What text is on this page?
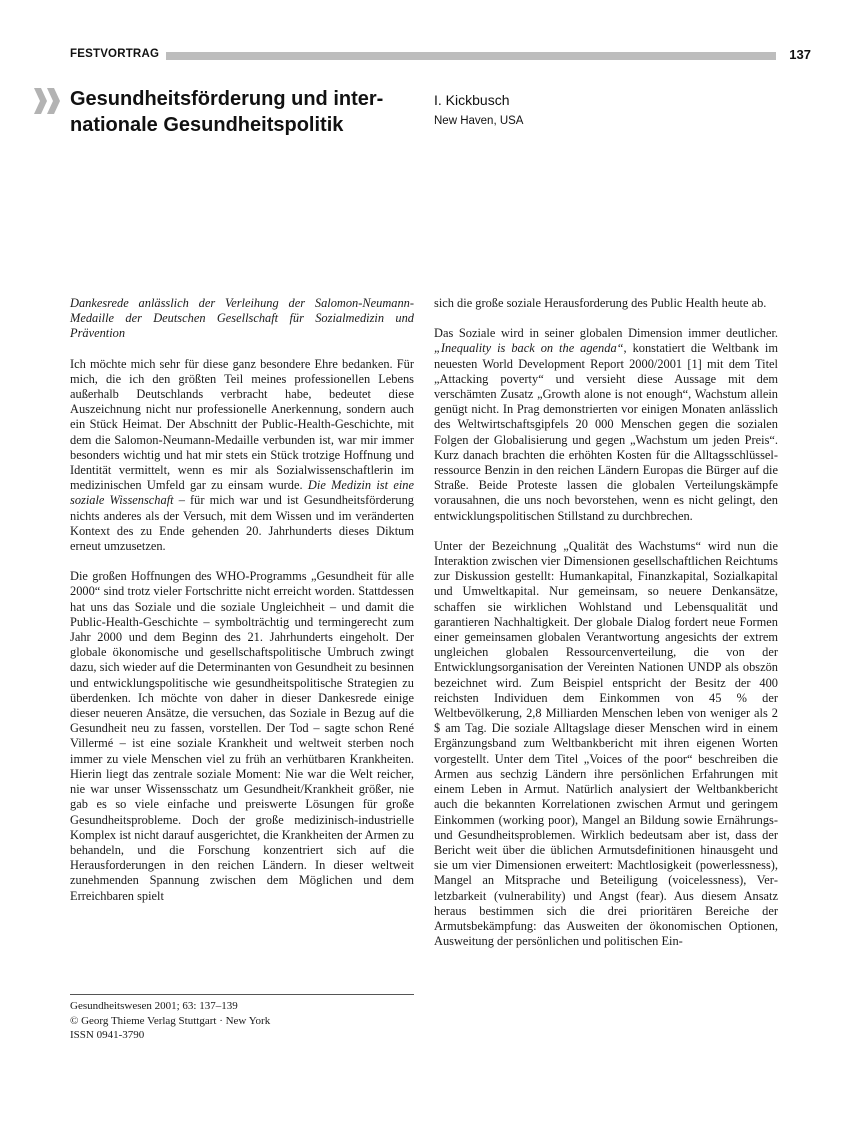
FESTVORTRAG	137
Gesundheitsförderung und inter-
nationale Gesundheitspolitik
I. Kickbusch
New Haven, USA

Dankesrede anlässlich der Verleihung der Salomon-Neumann-Medaille der Deutschen Gesellschaft für Sozialmedizin und Prävention

Ich möchte mich sehr für diese ganz besondere Ehre bedanken. Für mich, die ich den größten Teil meines professionellen Lebens außerhalb Deutschlands verbracht habe, bedeutet diese Auszeichnung nicht nur professionelle Anerkennung, sondern auch ein Stück Heimat. Der Abschnitt der Public-Health-Geschichte, mit dem die Salomon-Neumann-Medaille verbunden ist, war mir immer besonders wichtig und hat mir stets ein Stück trotzige Hoffnung und Identität vermittelt, wenn es mir als Sozialwissenschaftlerin im medizinischen Umfeld gar zu einsam wurde. Die Medizin ist eine soziale Wissenschaft – für mich war und ist Gesundheitsförderung nichts anderes als der Versuch, mit dem Wissen und im veränderten Kontext des zu Ende gehenden 20. Jahrhunderts dieses Diktum erneut umzusetzen.

Die großen Hoffnungen des WHO-Programms „Gesundheit für alle 2000“ sind trotz vieler Fortschritte nicht erreicht worden. Stattdessen hat uns das Soziale und die soziale Ungleichheit – und damit die Public-Health-Geschichte – symbolträchtig und termingerecht zum Jahr 2000 und dem Beginn des 21. Jahrhunderts eingeholt. Der globale ökonomische und gesellschaftspolitische Umbruch zwingt dazu, sich wieder auf die Determinanten von Gesundheit zu besinnen und entwicklungspolitische wie gesundheitspolitische Strategien zu überdenken. Ich möchte von daher in dieser Dankesrede einige dieser neueren Ansätze, die versuchen, das Soziale in Bezug auf die Gesundheit neu zu fassen, vorstellen. Der Tod – sagte schon René Villermé – ist eine soziale Krankheit und weltweit sterben noch immer zu viele Menschen viel zu früh an verhütbaren Krankheiten. Hierin liegt das zentrale soziale Moment: Nie war die Welt reicher, nie war unser Wissensschatz um Gesundheit/Krankheit größer, nie gab es so viele einfache und preiswerte Lösungen für große Gesundheitsprobleme. Doch der große medizinisch-industrielle Komplex ist nicht darauf ausgerichtet, die Krankheiten der Armen zu behandeln, und die Forschung konzentriert sich auf die Herausforderungen in den reichen Ländern. In dieser weltweit zunehmenden Spannung zwischen dem Möglichen und dem Erreichbaren spielt

sich die große soziale Herausforderung des Public Health heute ab.

Das Soziale wird in seiner globalen Dimension immer deutlicher. „Inequality is back on the agenda“, konstatiert die Weltbank im neuesten World Development Report 2000/2001 [1] mit dem Titel „Attacking poverty“ und versieht diese Aussage mit dem verschämten Zusatz „Growth alone is not enough“, Wachstum allein genügt nicht. In Prag demonstrierten vor einigen Monaten anlässlich des Weltwirtschaftsgipfels 20 000 Menschen gegen die sozialen Folgen der Globalisierung und gegen „Wachstum um jeden Preis“. Kurz danach brachten die erhöhten Kosten für die Alltagsschlüsselressource Benzin in den reichen Ländern Europas die Bürger auf die Straße. Beide Proteste lassen die globalen Verteilungskämpfe vorausahnen, die uns noch bevorstehen, wenn es nicht gelingt, den entwicklungspolitischen Stillstand zu durchbrechen.

Unter der Bezeichnung „Qualität des Wachstums“ wird nun die Interaktion zwischen vier Dimensionen gesellschaftlichen Reichtums zur Diskussion gestellt: Humankapital, Finanzkapital, Sozialkapital und Umweltkapital. Nur gemeinsam, so neuere Denkansätze, schaffen sie wirklichen Wohlstand und Lebensqualität und garantieren Nachhaltigkeit. Der globale Dialog fordert neue Formen einer gemeinsamen globalen Verantwortung angesichts der extrem ungleichen globalen Ressourcenverteilung, die von der Entwicklungsorganisation der Vereinten Nationen UNDP als obszön bezeichnet wird. Zum Beispiel entspricht der Besitz der 400 reichsten Individuen dem Einkommen von 45 % der Weltbevölkerung, 2,8 Milliarden Menschen leben von weniger als 2 $ am Tag. Die soziale Alltagslage dieser Menschen wird in einem Ergänzungsband zum Weltbankbericht mit ihren eigenen Worten vorgestellt. Unter dem Titel „Voices of the poor“ beschreiben die Armen aus sechzig Ländern ihre persönlichen Erfahrungen mit einem Leben in Armut. Natürlich analysiert der Weltbankbericht auch die bekannten Korrelationen zwischen Armut und geringem Einkommen (working poor), Mangel an Bildung sowie Ernährungs- und Gesundheitsproblemen. Wirklich bedeutsam aber ist, dass der Bericht weit über die üblichen Armutsdefinitionen hinausgeht und sie um vier Dimensionen erweitert: Machtlosigkeit (powerlessness), Mangel an Mitsprache und Beteiligung (voicelessness), Verletzbarkeit (vulnerability) und Angst (fear). Aus diesem Ansatz heraus bestimmen sich die drei prioritären Bereiche der Armutsbekämpfung: das Ausweiten der ökonomischen Optionen, Ausweitung der persönlichen und politischen Ein-

Gesundheitswesen 2001; 63: 137–139
© Georg Thieme Verlag Stuttgart · New York
ISSN 0941-3790
